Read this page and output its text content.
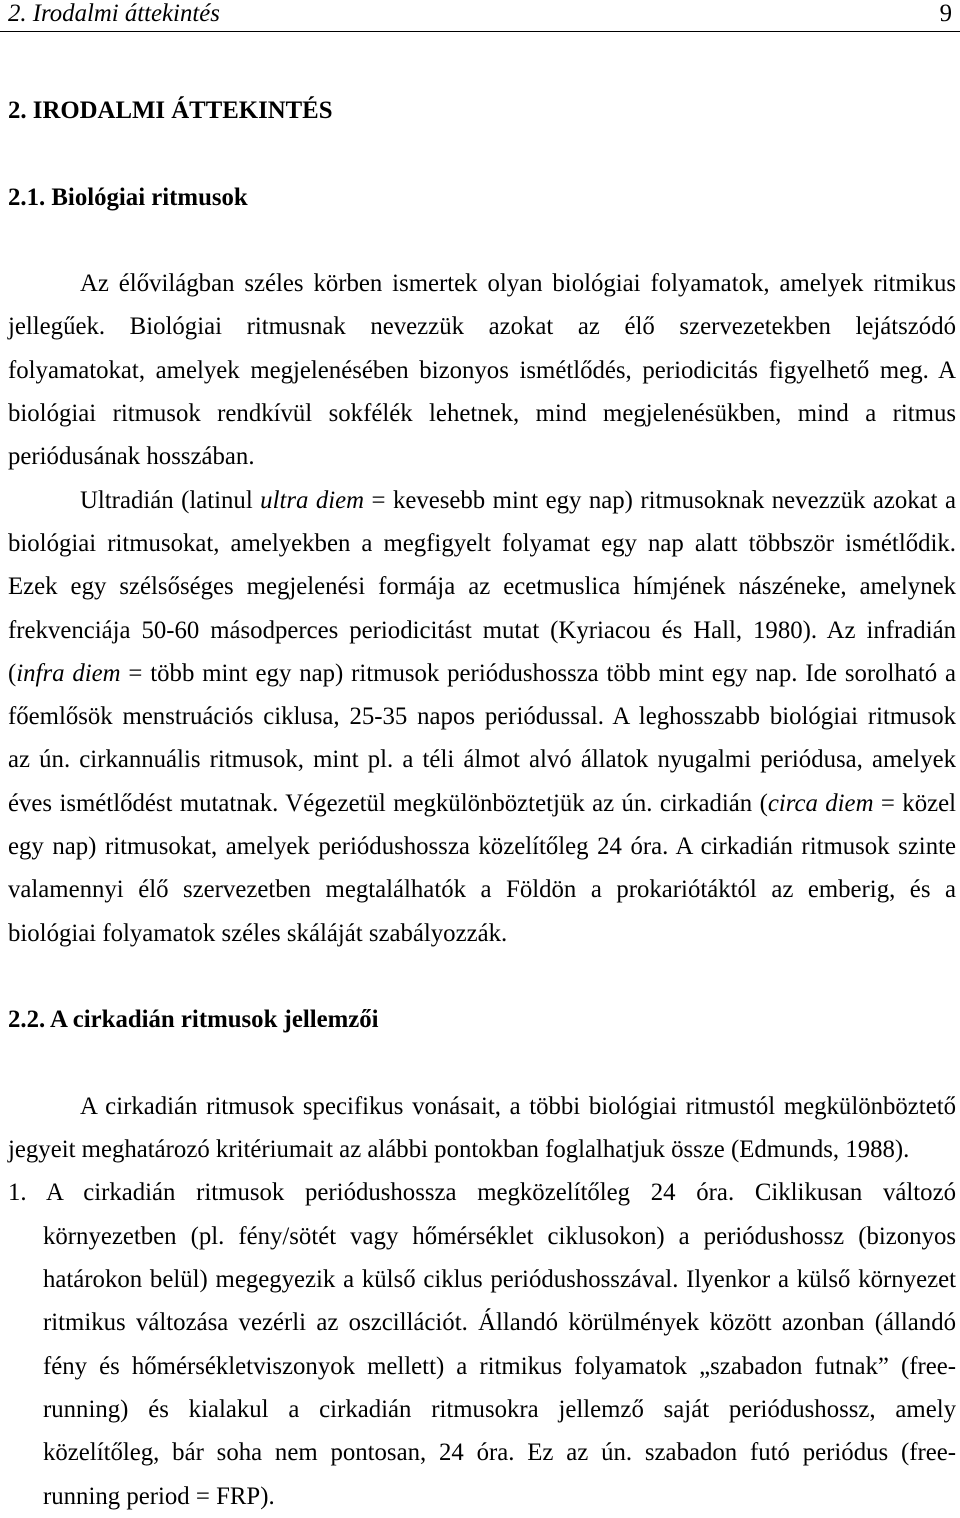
2. Irodalmi áttekintés	9
2. IRODALMI ÁTTEKINTÉS
2.1. Biológiai ritmusok
Az élővilágban széles körben ismertek olyan biológiai folyamatok, amelyek ritmikus
jellegűek. Biológiai ritmusnak nevezzük azokat az élő szervezetekben lejátszódó
folyamatokat, amelyek megjelenésében bizonyos ismétlődés, periodicitás figyelhető meg. A
biológiai ritmusok rendkívül sokfélék lehetnek, mind megjelenésükben, mind a ritmus
periódusának hosszában.
Ultradián (latinul ultra diem = kevesebb mint egy nap) ritmusoknak nevezzük azokat a
biológiai ritmusokat, amelyekben a megfigyelt folyamat egy nap alatt többször ismétlődik.
Ezek egy szélsőséges megjelenési formája az ecetmuslica hímjének nászéneke, amelynek
frekvenciája 50-60 másodperces periodicitást mutat (Kyriacou és Hall, 1980). Az infradián
(infra diem = több mint egy nap) ritmusok periódushossza több mint egy nap. Ide sorolható a
főemlősök menstruációs ciklusa, 25-35 napos periódussal. A leghosszabb biológiai ritmusok
az ún. cirkannuális ritmusok, mint pl. a téli álmot alvó állatok nyugalmi periódusa, amelyek
éves ismétlődést mutatnak. Végezetül megkülönböztetjük az ún. cirkadián (circa diem = közel
egy nap) ritmusokat, amelyek periódushossza közelítőleg 24 óra. A cirkadián ritmusok szinte
valamennyi élő szervezetben megtalálhatók a Földön a prokariótáktól az emberig, és a
biológiai folyamatok széles skáláját szabályozzák.
2.2. A cirkadián ritmusok jellemzői
A cirkadián ritmusok specifikus vonásait, a többi biológiai ritmustól megkülönböztető
jegyeit meghatározó kritériumait az alábbi pontokban foglalhatjuk össze (Edmunds, 1988).
1. A cirkadián ritmusok periódushossza megközelítőleg 24 óra. Ciklikusan változó
környezetben (pl. fény/sötét vagy hőmérséklet ciklusokon) a periódushossz (bizonyos
határokon belül) megegyezik a külső ciklus periódushosszával. Ilyenkor a külső környezet
ritmikus változása vezérli az oszcillációt. Állandó körülmények között azonban (állandó
fény és hőmérsékletviszonyok mellett) a ritmikus folyamatok „szabadon futnak” (free-
running) és kialakul a cirkadián ritmusokra jellemző saját periódushossz, amely
közelítőleg, bár soha nem pontosan, 24 óra. Ez az ún. szabadon futó periódus (free-
running period = FRP).
